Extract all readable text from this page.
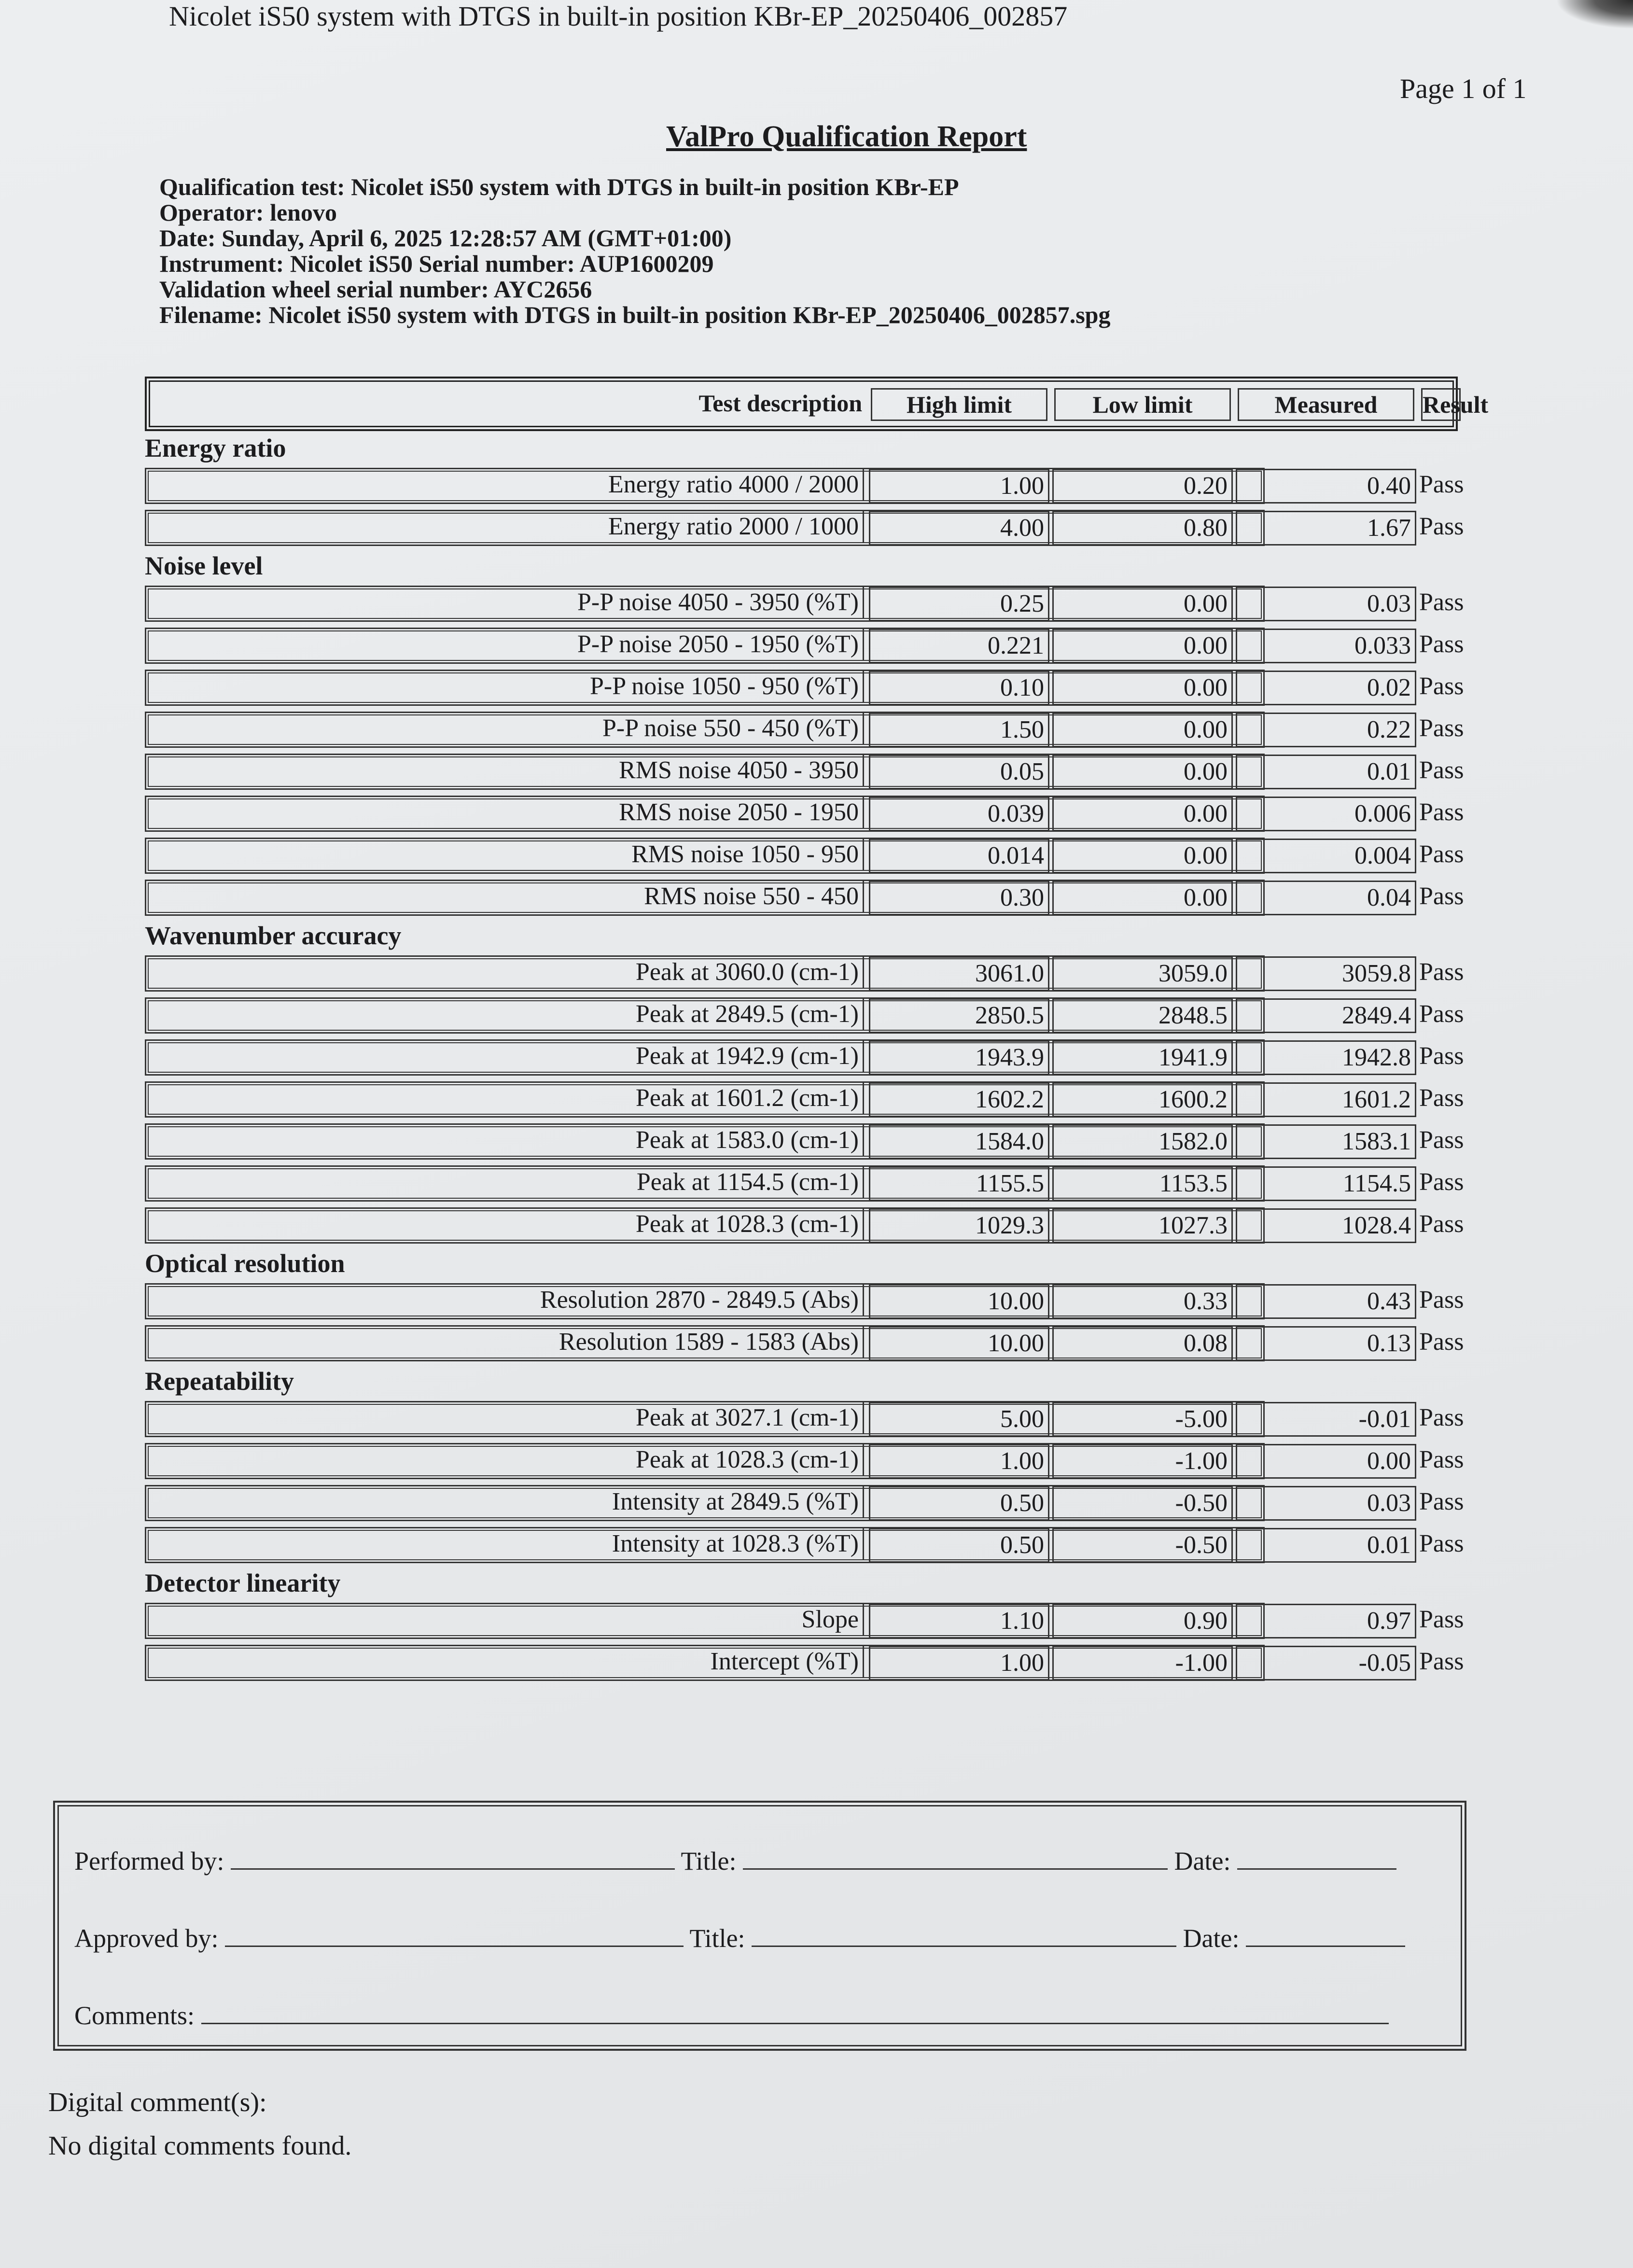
Nicolet iS50 system with DTGS in built-in position KBr-EP_20250406_002857
Page 1 of 1
ValPro Qualification Report
Qualification test: Nicolet iS50 system with DTGS in built-in position KBr-EP
Operator: lenovo
Date: Sunday, April 6, 2025 12:28:57 AM (GMT+01:00)
Instrument: Nicolet iS50 Serial number: AUP1600209
Validation wheel serial number: AYC2656
Filename: Nicolet iS50 system with DTGS in built-in position KBr-EP_20250406_002857.spg
Test description	High limit	Low limit	Measured	Result
Energy ratio
Energy ratio 4000 / 2000	1.00	0.20	0.40 Pass
Energy ratio 2000 / 1000	4.00	0.80	1.67 Pass
Noise level
P-P noise 4050 - 3950 (%T)	0.25	0.00	0.03 Pass
P-P noise 2050 - 1950 (%T)	0.221	0.00	0.033 Pass
P-P noise 1050 - 950 (%T)	0.10	0.00	0.02 Pass
P-P noise 550 - 450 (%T)	1.50	0.00	0.22 Pass
RMS noise 4050 - 3950	0.05	0.00	0.01 Pass
RMS noise 2050 - 1950	0.039	0.00	0.006 Pass
RMS noise 1050 - 950	0.014	0.00	0.004 Pass
RMS noise 550 - 450	0.30	0.00	0.04 Pass
Wavenumber accuracy
Peak at 3060.0 (cm-1)	3061.0	3059.0	3059.8 Pass
Peak at 2849.5 (cm-1)	2850.5	2848.5	2849.4 Pass
Peak at 1942.9 (cm-1)	1943.9	1941.9	1942.8 Pass
Peak at 1601.2 (cm-1)	1602.2	1600.2	1601.2 Pass
Peak at 1583.0 (cm-1)	1584.0	1582.0	1583.1 Pass
Peak at 1154.5 (cm-1)	1155.5	1153.5	1154.5 Pass
Peak at 1028.3 (cm-1)	1029.3	1027.3	1028.4 Pass
Optical resolution
Resolution 2870 - 2849.5 (Abs)	10.00	0.33	0.43 Pass
Resolution 1589 - 1583 (Abs)	10.00	0.08	0.13 Pass
Repeatability
Peak at 3027.1 (cm-1)	5.00	-5.00	-0.01 Pass
Peak at 1028.3 (cm-1)	1.00	-1.00	0.00 Pass
Intensity at 2849.5 (%T)	0.50	-0.50	0.03 Pass
Intensity at 1028.3 (%T)	0.50	-0.50	0.01 Pass
Detector linearity
Slope	1.10	0.90	0.97 Pass
Intercept (%T)	1.00	-1.00	-0.05 Pass
Performed by:	Title:	Date:
Approved by:	Title:	Date:
Comments:
Digital comment(s):
No digital comments found.
